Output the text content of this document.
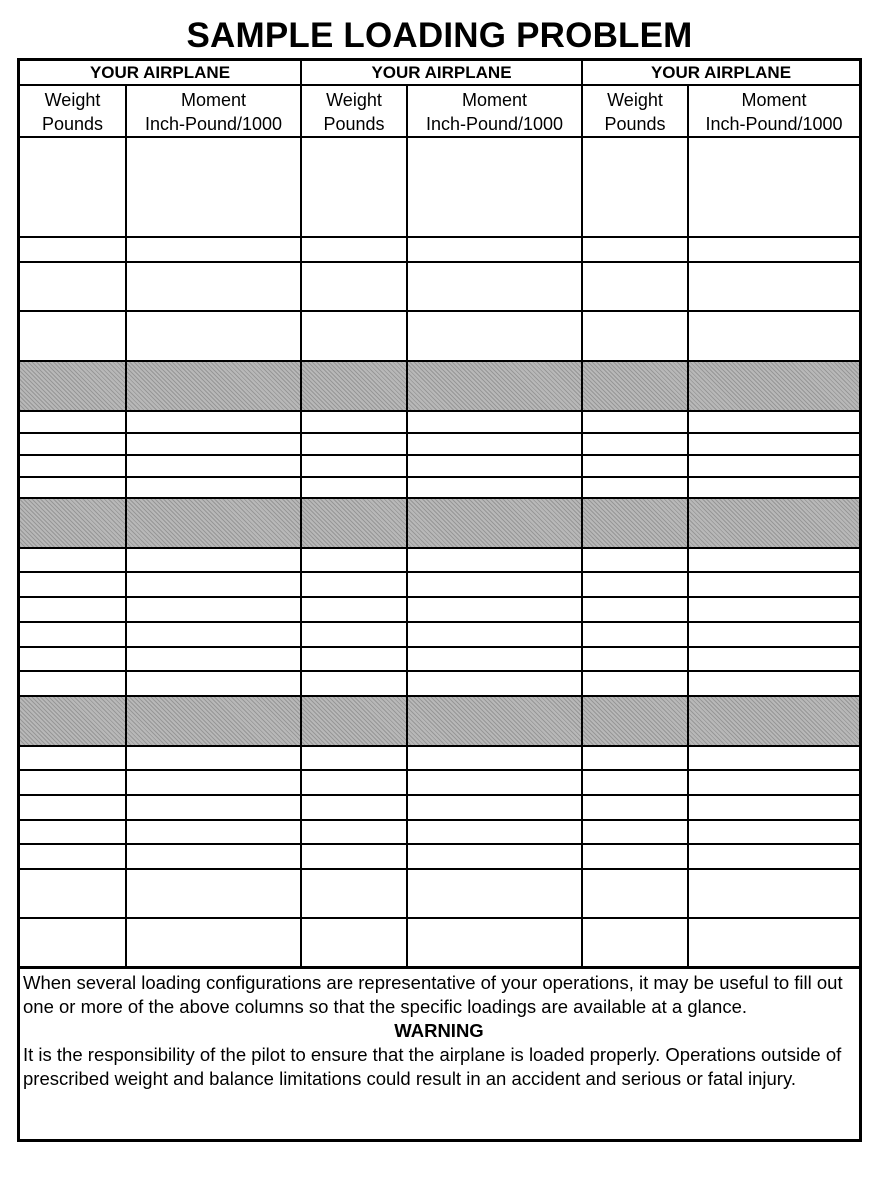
SAMPLE LOADING PROBLEM
YOUR AIRPLANE	YOUR AIRPLANE	YOUR AIRPLANE
Weight
Pounds
Moment
Inch-Pound/1000
Weight
Pounds
Moment
Inch-Pound/1000
Weight
Pounds
Moment
Inch-Pound/1000

When several loading configurations are representative of your operations, it may be useful to fill out one or more of the above columns so that the specific loadings are available at a glance.

WARNING

It is the responsibility of the pilot to ensure that the airplane is loaded properly. Operations outside of prescribed weight and balance limitations could result in an accident and serious or fatal injury.
